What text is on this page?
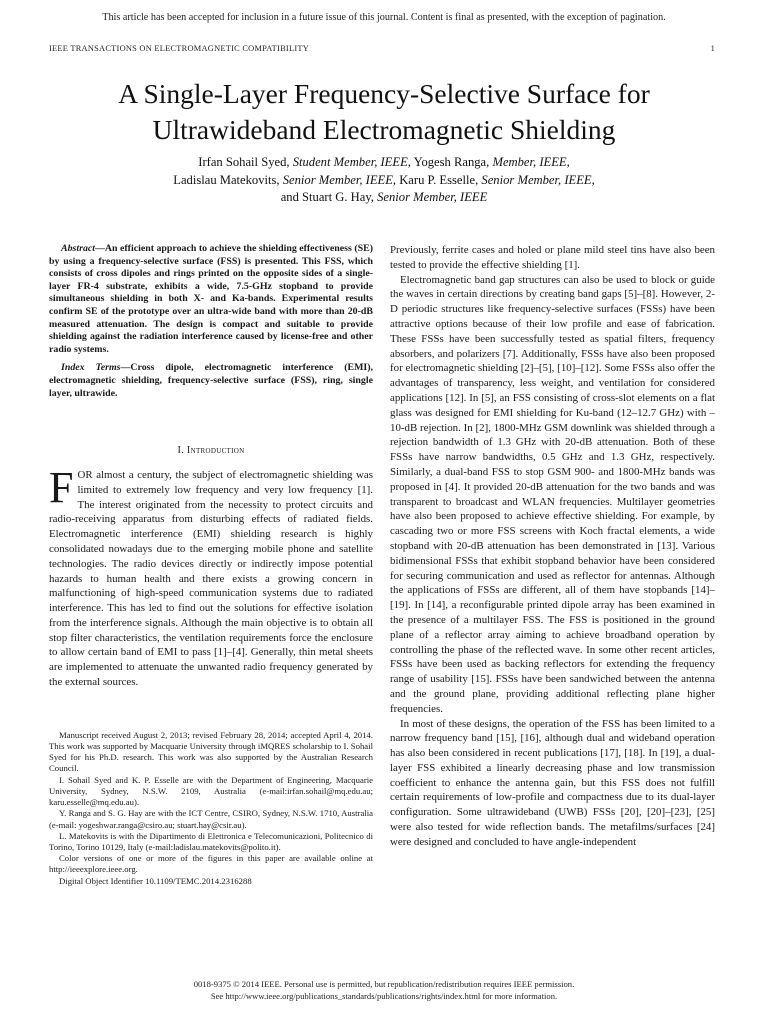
This article has been accepted for inclusion in a future issue of this journal. Content is final as presented, with the exception of pagination.
IEEE TRANSACTIONS ON ELECTROMAGNETIC COMPATIBILITY	1
A Single-Layer Frequency-Selective Surface for
Ultrawideband Electromagnetic Shielding
Irfan Sohail Syed, Student Member, IEEE, Yogesh Ranga, Member, IEEE,
Ladislau Matekovits, Senior Member, IEEE, Karu P. Esselle, Senior Member, IEEE,
and Stuart G. Hay, Senior Member, IEEE

Abstract—An efficient approach to achieve the shielding effectiveness (SE) by using a frequency-selective surface (FSS) is presented. This FSS, which consists of cross dipoles and rings printed on the opposite sides of a single-layer FR-4 substrate, exhibits a wide, 7.5-GHz stopband to provide simultaneous shielding in both X- and Ka-bands. Experimental results confirm SE of the prototype over an ultra-wide band with more than 20-dB measured attenuation. The design is compact and suitable to provide shielding against the radiation interference caused by license-free and other radio systems.

Index Terms—Cross dipole, electromagnetic interference (EMI), electromagnetic shielding, frequency-selective surface (FSS), ring, single layer, ultrawide.

I. Introduction

FOR almost a century, the subject of electromagnetic shielding was limited to extremely low frequency and very low frequency [1]. The interest originated from the necessity to protect circuits and radio-receiving apparatus from disturbing effects of radiated fields. Electromagnetic interference (EMI) shielding research is highly consolidated nowadays due to the emerging mobile phone and satellite technologies. The radio devices directly or indirectly impose potential hazards to human health and there exists a growing concern in malfunctioning of high-speed communication systems due to radiated interference. This has led to find out the solutions for effective isolation from the interference signals. Although the main objective is to obtain all stop filter characteristics, the ventilation requirements force the enclosure to allow certain band of EMI to pass [1]–[4]. Generally, thin metal sheets are implemented to attenuate the unwanted radio frequency generated by the external sources.

Manuscript received August 2, 2013; revised February 28, 2014; accepted April 4, 2014. This work was supported by Macquarie University through iMQRES scholarship to I. Sohail Syed for his Ph.D. research. This work was also supported by the Australian Research Council.

I. Sohail Syed and K. P. Esselle are with the Department of Engineering, Macquarie University, Sydney, N.S.W. 2109, Australia (e-mail:irfan.sohail@mq.edu.au; karu.esselle@mq.edu.au).

Y. Ranga and S. G. Hay are with the ICT Centre, CSIRO, Sydney, N.S.W. 1710, Australia (e-mail: yogeshwar.ranga@csiro.au; stuart.hay@csir.au).

L. Matekovits is with the Dipartimento di Elettronica e Telecomunicazioni, Politecnico di Torino, Torino 10129, Italy (e-mail:ladislau.matekovits@polito.it).

Color versions of one or more of the figures in this paper are available online at http://ieeexplore.ieee.org.

Digital Object Identifier 10.1109/TEMC.2014.2316288

Previously, ferrite cases and holed or plane mild steel tins have also been tested to provide the effective shielding [1].

Electromagnetic band gap structures can also be used to block or guide the waves in certain directions by creating band gaps [5]–[8]. However, 2-D periodic structures like frequency-selective surfaces (FSSs) have been attractive options because of their low profile and ease of fabrication. These FSSs have been successfully tested as spatial filters, frequency absorbers, and polarizers [7]. Additionally, FSSs have also been proposed for electromagnetic shielding [2]–[5], [10]–[12]. Some FSSs also offer the advantages of transparency, less weight, and ventilation for considered applications [12]. In [5], an FSS consisting of cross-slot elements on a flat glass was designed for EMI shielding for Ku-band (12–12.7 GHz) with –10-dB rejection. In [2], 1800-MHz GSM downlink was shielded through a rejection bandwidth of 1.3 GHz with 20-dB attenuation. Both of these FSSs have narrow bandwidths, 0.5 GHz and 1.3 GHz, respectively. Similarly, a dual-band FSS to stop GSM 900- and 1800-MHz bands was proposed in [4]. It provided 20-dB attenuation for the two bands and was transparent to broadcast and WLAN frequencies. Multilayer geometries have also been proposed to achieve effective shielding. For example, by cascading two or more FSS screens with Koch fractal elements, a wide stopband with 20-dB attenuation has been demonstrated in [13]. Various bidimensional FSSs that exhibit stopband behavior have been considered for securing communication and used as reflector for antennas. Although the applications of FSSs are different, all of them have stopbands [14]–[19]. In [14], a reconfigurable printed dipole array has been examined in the presence of a multilayer FSS. The FSS is positioned in the ground plane of a reflector array aiming to achieve broadband operation by controlling the phase of the reflected wave. In some other recent articles, FSSs have been used as backing reflectors for extending the frequency range of usability [15]. FSSs have been sandwiched between the antenna and the ground plane, providing additional reflecting plane higher frequencies.

In most of these designs, the operation of the FSS has been limited to a narrow frequency band [15], [16], although dual and wideband operation has also been considered in recent publications [17], [18]. In [19], a dual-layer FSS exhibited a linearly decreasing phase and low transmission coefficient to enhance the antenna gain, but this FSS does not fulfill certain requirements of low-profile and compactness due to its dual-layer configuration. Some ultrawideband (UWB) FSSs [20], [20]–[23], [25] were also tested for wide reflection bands. The metafilms/surfaces [24] were designed and concluded to have angle-independent

0018-9375 © 2014 IEEE. Personal use is permitted, but republication/redistribution requires IEEE permission.
See http://www.ieee.org/publications_standards/publications/rights/index.html for more information.
